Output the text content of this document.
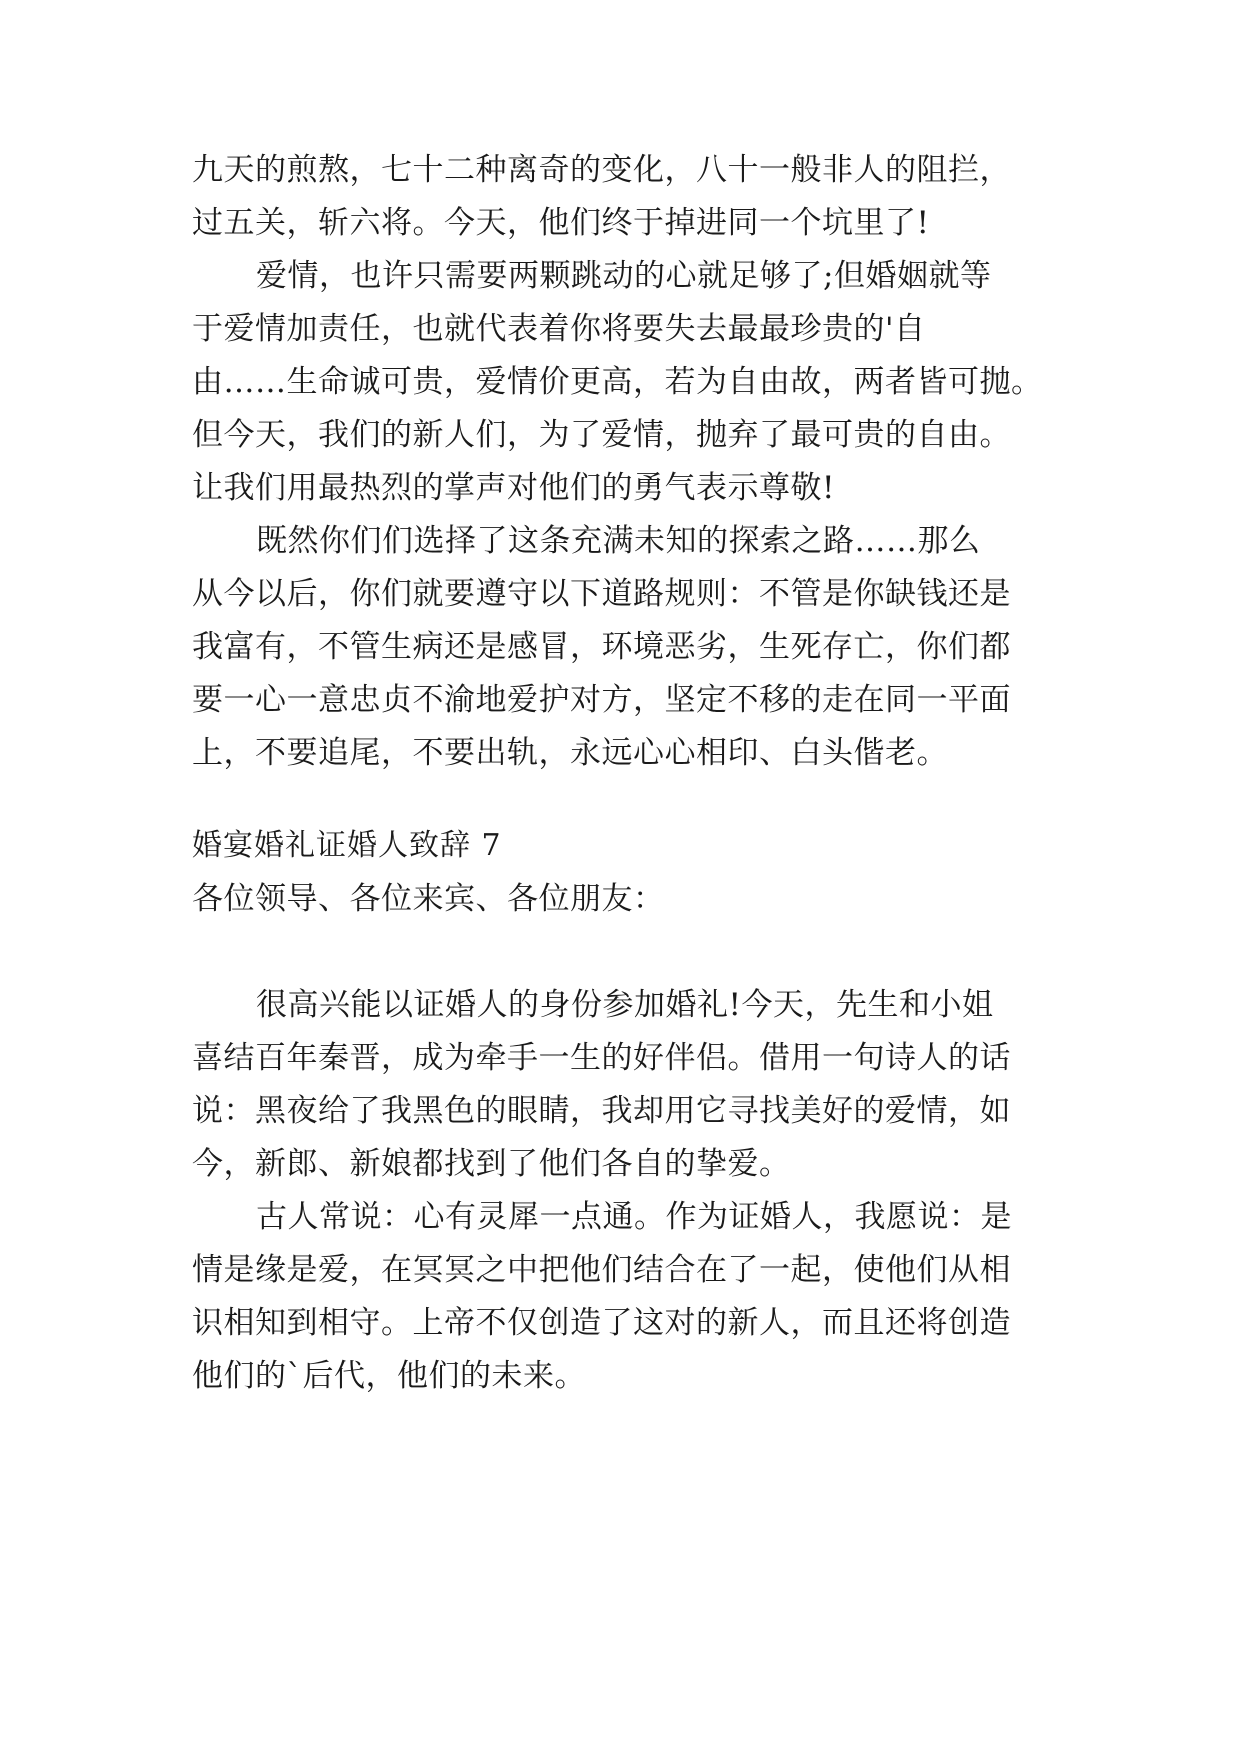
九天的煎熬，七十二种离奇的变化，八十一般非人的阻拦，
过五关，斩六将。今天，他们终于掉进同一个坑里了!
爱情，也许只需要两颗跳动的心就足够了;但婚姻就等
于爱情加责任，也就代表着你将要失去最最珍贵的'自
由……生命诚可贵，爱情价更高，若为自由故，两者皆可抛。
但今天，我们的新人们，为了爱情，抛弃了最可贵的自由。
让我们用最热烈的掌声对他们的勇气表示尊敬!
既然你们们选择了这条充满未知的探索之路……那么
从今以后，你们就要遵守以下道路规则：不管是你缺钱还是
我富有，不管生病还是感冒，环境恶劣，生死存亡，你们都
要一心一意忠贞不渝地爱护对方，坚定不移的走在同一平面
上，不要追尾，不要出轨，永远心心相印、白头偕老。
婚宴婚礼证婚人致辞 7
各位领导、各位来宾、各位朋友：
很高兴能以证婚人的身份参加婚礼!今天，先生和小姐
喜结百年秦晋，成为牵手一生的好伴侣。借用一句诗人的话
说：黑夜给了我黑色的眼睛，我却用它寻找美好的爱情，如
今，新郎、新娘都找到了他们各自的挚爱。
古人常说：心有灵犀一点通。作为证婚人，我愿说：是
情是缘是爱，在冥冥之中把他们结合在了一起，使他们从相
识相知到相守。上帝不仅创造了这对的新人，而且还将创造
他们的`后代，他们的未来。
